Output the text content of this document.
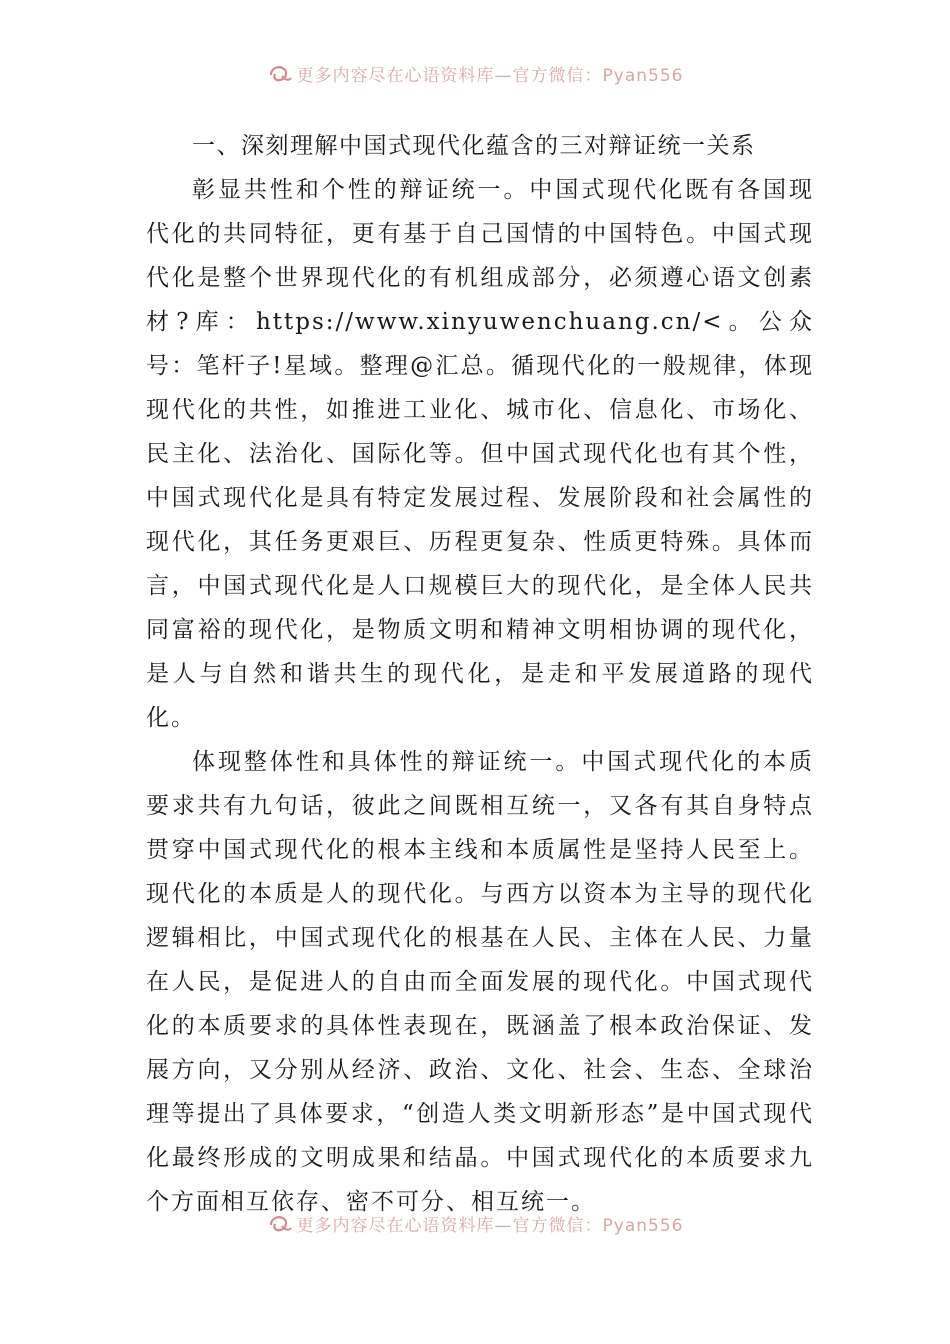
更多内容尽在心语资料库—官方微信：Pyan556

一、深刻理解中国式现代化蕴含的三对辩证统一关系

彰显共性和个性的辩证统一。中国式现代化既有各国现代化的共同特征，更有基于自己国情的中国特色。中国式现代化是整个世界现代化的有机组成部分，必须遵心语文创素材?库：https://www.xinyuwenchuang.cn/<。公众号：笔杆子!星域。整理@汇总。循现代化的一般规律，体现现代化的共性，如推进工业化、城市化、信息化、市场化、民主化、法治化、国际化等。但中国式现代化也有其个性，中国式现代化是具有特定发展过程、发展阶段和社会属性的现代化，其任务更艰巨、历程更复杂、性质更特殊。具体而言，中国式现代化是人口规模巨大的现代化，是全体人民共同富裕的现代化，是物质文明和精神文明相协调的现代化，是人与自然和谐共生的现代化，是走和平发展道路的现代化。

体现整体性和具体性的辩证统一。中国式现代化的本质要求共有九句话，彼此之间既相互统一，又各有其自身特点贯穿中国式现代化的根本主线和本质属性是坚持人民至上。现代化的本质是人的现代化。与西方以资本为主导的现代化逻辑相比，中国式现代化的根基在人民、主体在人民、力量在人民，是促进人的自由而全面发展的现代化。中国式现代化的本质要求的具体性表现在，既涵盖了根本政治保证、发展方向，又分别从经济、政治、文化、社会、生态、全球治理等提出了具体要求，“创造人类文明新形态”是中国式现代化最终形成的文明成果和结晶。中国式现代化的本质要求九个方面相互依存、密不可分、相互统一。

更多内容尽在心语资料库—官方微信：Pyan556
